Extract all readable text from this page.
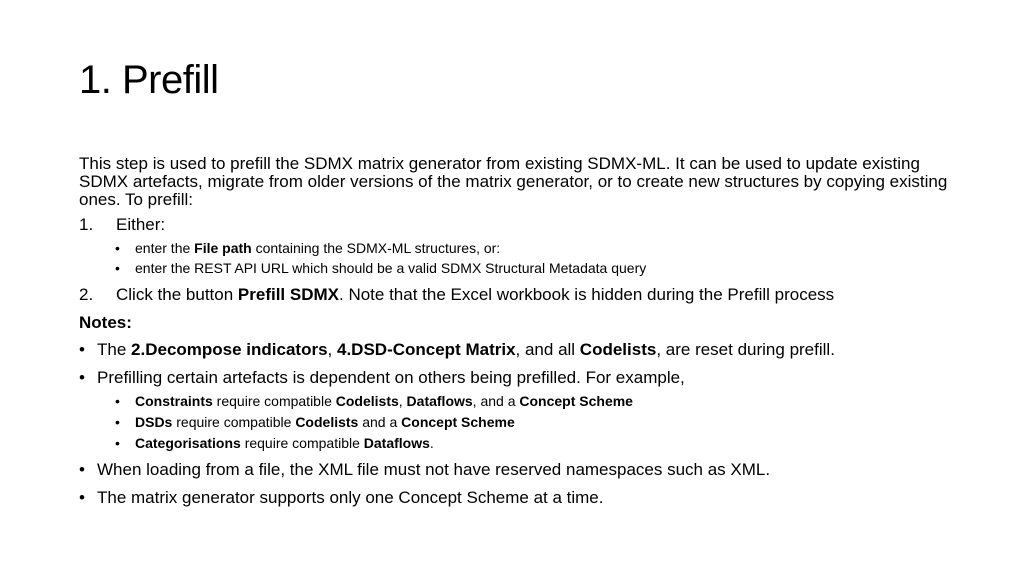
1. Prefill

This step is used to prefill the SDMX matrix generator from existing SDMX-ML. It can be used to update existing SDMX artefacts, migrate from older versions of the matrix generator, or to create new structures by copying existing ones. To prefill:

1.	Either:
•	enter the File path containing the SDMX-ML structures, or:
•	enter the REST API URL which should be a valid SDMX Structural Metadata query
2.	Click the button Prefill SDMX. Note that the Excel workbook is hidden during the Prefill process
Notes:
• The 2.Decompose indicators, 4.DSD-Concept Matrix, and all Codelists, are reset during prefill.
• Prefilling certain artefacts is dependent on others being prefilled. For example,
•	Constraints require compatible Codelists, Dataflows, and a Concept Scheme
•	DSDs require compatible Codelists and a Concept Scheme
•	Categorisations require compatible Dataflows.
• When loading from a file, the XML file must not have reserved namespaces such as XML.
• The matrix generator supports only one Concept Scheme at a time.
